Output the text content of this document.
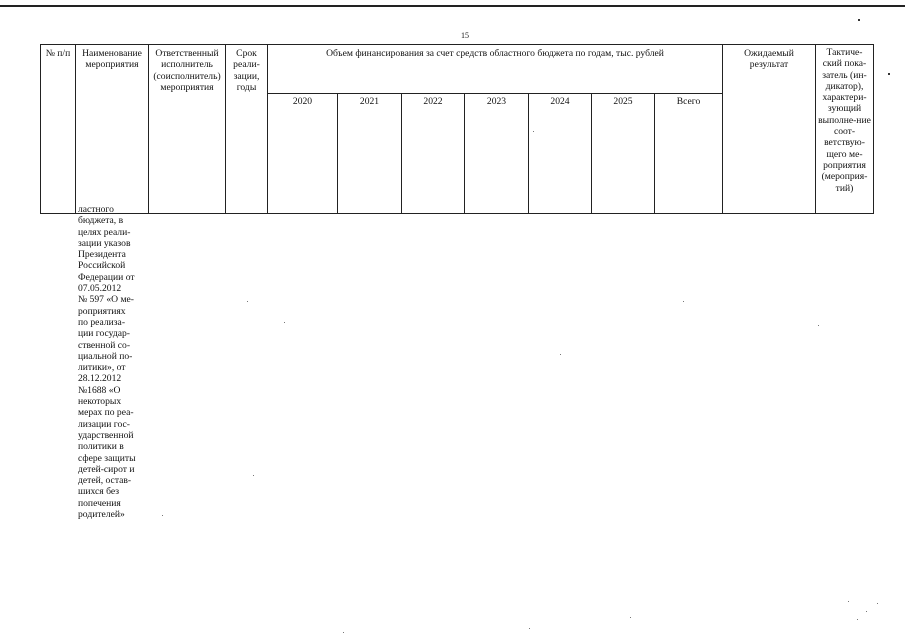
15
№ п/п	Наименование мероприятия	Ответственный исполнитель (соисполнитель) мероприятия	Срок реали-зации, годы	Объем финансирования за счет средств областного бюджета по годам, тыс. рублей							Ожидаемый результат	Тактиче-ский пока-затель (ин-дикатор), характери-зующий выполне-ние соот-ветствую-щего ме-роприятия (мероприя-тий)
				2020	2021	2022	2023	2024	2025	Всего		
ластного
бюджета, в
целях реали-
зации указов
Президента
Российской
Федерации от
07.05.2012
№ 597 «О ме-
роприятиях
по реализа-
ции государ-
ственной со-
циальной по-
литики», от
28.12.2012
№1688 «О
некоторых
мерах по реа-
лизации гос-
ударственной
политики в
сфере защиты
детей-сирот и
детей, остав-
шихся без
попечения
родителей»
